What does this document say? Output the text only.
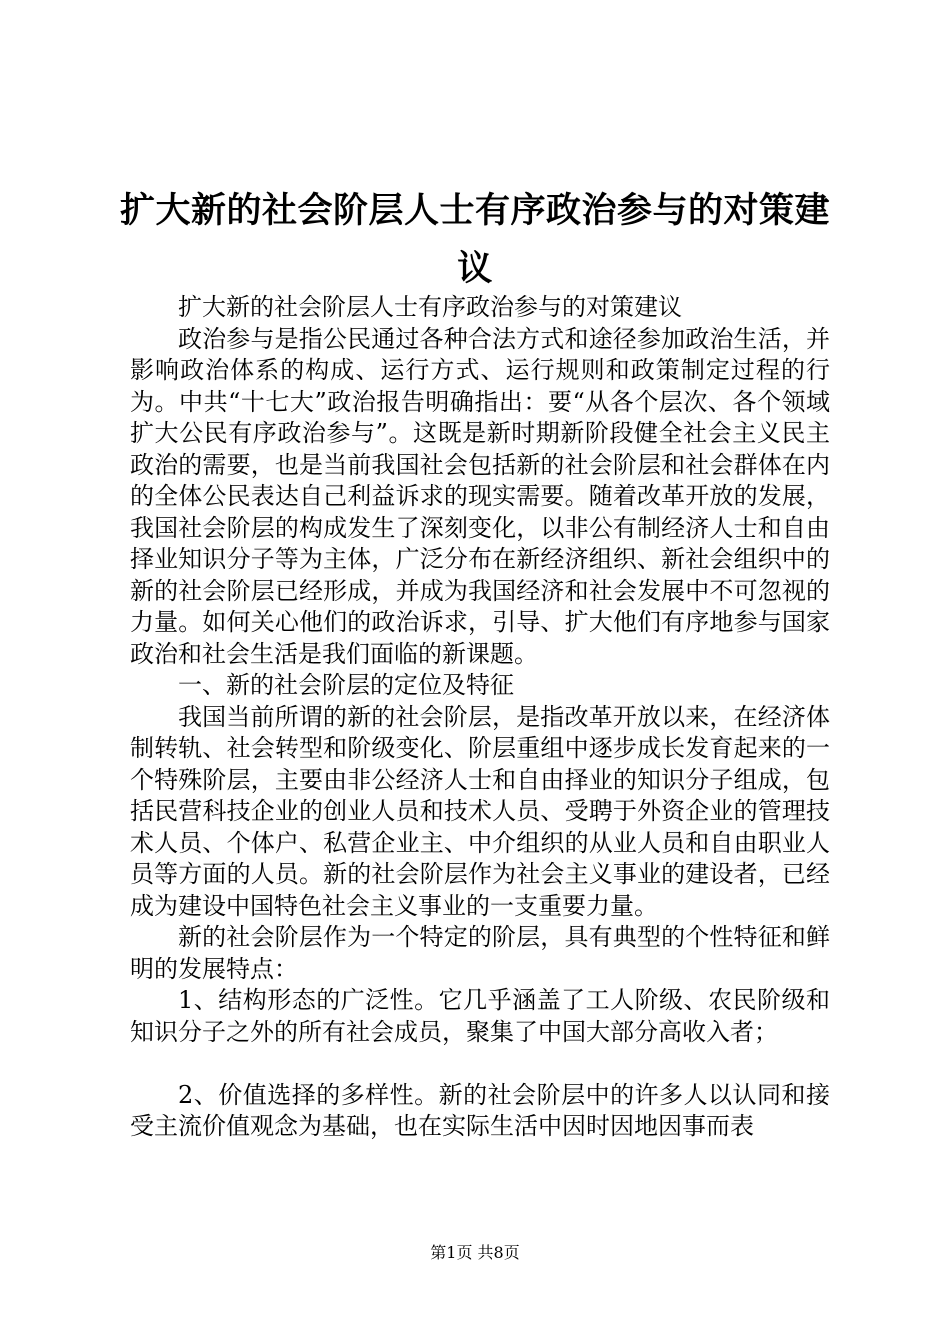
扩大新的社会阶层人士有序政治参与的对策建议

扩大新的社会阶层人士有序政治参与的对策建议

政治参与是指公民通过各种合法方式和途径参加政治生活，并影响政治体系的构成、运行方式、运行规则和政策制定过程的行为。中共“十七大”政治报告明确指出：要“从各个层次、各个领域扩大公民有序政治参与”。这既是新时期新阶段健全社会主义民主政治的需要，也是当前我国社会包括新的社会阶层和社会群体在内的全体公民表达自己利益诉求的现实需要。随着改革开放的发展，我国社会阶层的构成发生了深刻变化，以非公有制经济人士和自由择业知识分子等为主体，广泛分布在新经济组织、新社会组织中的新的社会阶层已经形成，并成为我国经济和社会发展中不可忽视的力量。如何关心他们的政治诉求，引导、扩大他们有序地参与国家政治和社会生活是我们面临的新课题。

一、新的社会阶层的定位及特征

我国当前所谓的新的社会阶层，是指改革开放以来，在经济体制转轨、社会转型和阶级变化、阶层重组中逐步成长发育起来的一个特殊阶层，主要由非公经济人士和自由择业的知识分子组成，包括民营科技企业的创业人员和技术人员、受聘于外资企业的管理技术人员、个体户、私营企业主、中介组织的从业人员和自由职业人员等方面的人员。新的社会阶层作为社会主义事业的建设者，已经成为建设中国特色社会主义事业的一支重要力量。

新的社会阶层作为一个特定的阶层，具有典型的个性特征和鲜明的发展特点：

1、结构形态的广泛性。它几乎涵盖了工人阶级、农民阶级和知识分子之外的所有社会成员，聚集了中国大部分高收入者；

2、价值选择的多样性。新的社会阶层中的许多人以认同和接受主流价值观念为基础，也在实际生活中因时因地因事而表

第1页 共8页
